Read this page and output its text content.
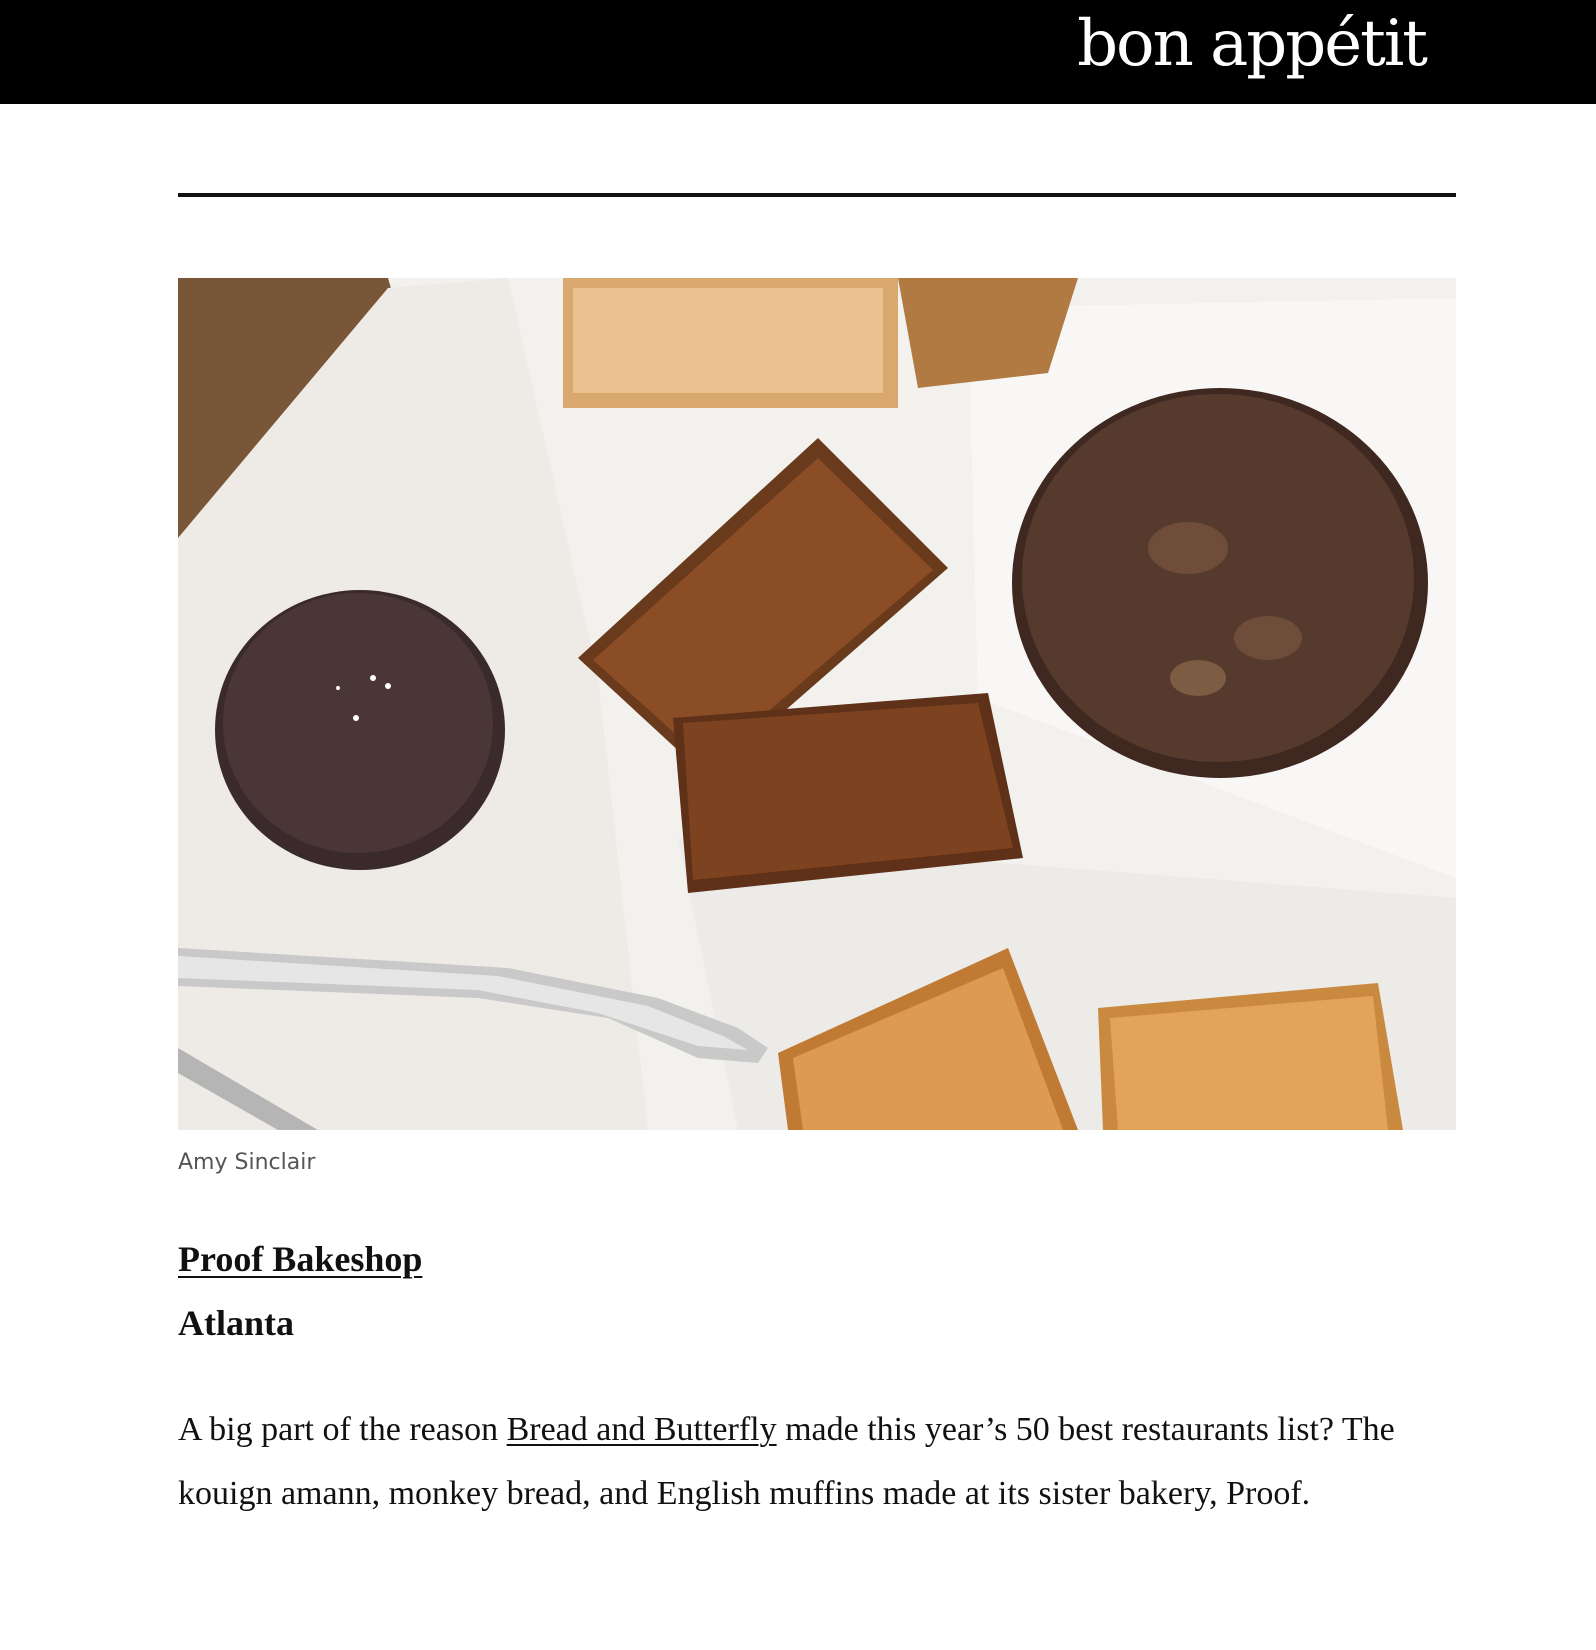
bon appétit
Amy Sinclair
Proof Bakeshop
Atlanta

A big part of the reason Bread and Butterfly made this year’s 50 best restaurants list? The kouign amann, monkey bread, and English muffins made at its sister bakery, Proof.
